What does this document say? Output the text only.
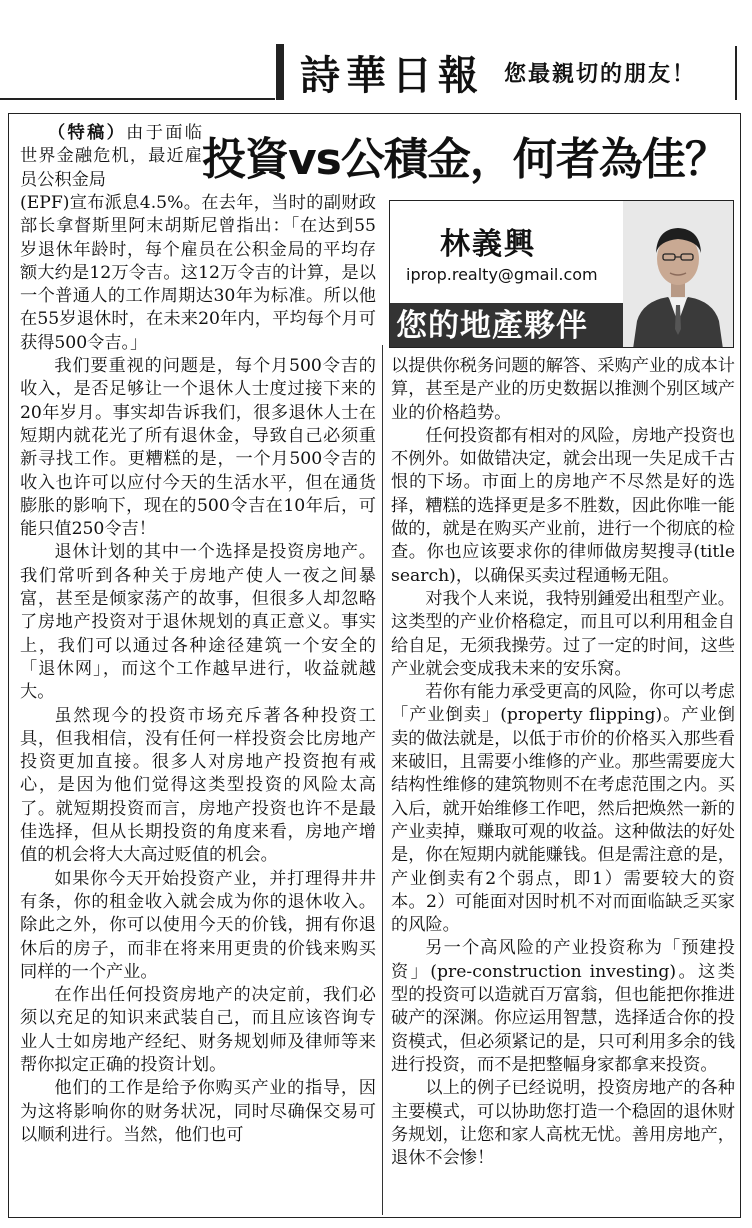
詩華日報 您最親切的朋友！
（特稿）由于面临世界金融危机，最近雇员公积金局	投資vs公積金，何者為佳？
林義興
iprop.realty@gmail.com
您的地產夥伴

(EPF)宣布派息4.5%。在去年，当时的副财政部长拿督斯里阿末胡斯尼曾指出：「在达到55岁退休年龄时，每个雇员在公积金局的平均存额大约是12万令吉。这12万令吉的计算，是以一个普通人的工作周期达30年为标准。所以他在55岁退休时，在未来20年内，平均每个月可获得500令吉。」

我们要重视的问题是，每个月500令吉的收入，是否足够让一个退休人士度过接下来的20年岁月。事实却告诉我们，很多退休人士在短期内就花光了所有退休金，导致自己必须重新寻找工作。更糟糕的是，一个月500令吉的收入也许可以应付今天的生活水平，但在通货膨胀的影响下，现在的500令吉在10年后，可能只值250令吉！

退休计划的其中一个选择是投资房地产。我们常听到各种关于房地产使人一夜之间暴富，甚至是倾家荡产的故事，但很多人却忽略了房地产投资对于退休规划的真正意义。事实上，我们可以通过各种途径建筑一个安全的「退休网」，而这个工作越早进行，收益就越大。

虽然现今的投资市场充斥著各种投资工具，但我相信，没有任何一样投资会比房地产投资更加直接。很多人对房地产投资抱有戒心，是因为他们觉得这类型投资的风险太高了。就短期投资而言，房地产投资也许不是最佳选择，但从长期投资的角度来看，房地产增值的机会将大大高过贬值的机会。

如果你今天开始投资产业，并打理得井井有条，你的租金收入就会成为你的退休收入。除此之外，你可以使用今天的价钱，拥有你退休后的房子，而非在将来用更贵的价钱来购买同样的一个产业。

在作出任何投资房地产的决定前，我们必须以充足的知识来武装自己，而且应该咨询专业人士如房地产经纪、财务规划师及律师等来帮你拟定正确的投资计划。

他们的工作是给予你购买产业的指导，因为这将影响你的财务状况，同时尽确保交易可以顺利进行。当然，他们也可

以提供你税务问题的解答、采购产业的成本计算，甚至是产业的历史数据以推测个别区域产业的价格趋势。

任何投资都有相对的风险，房地产投资也不例外。如做错决定，就会出现一失足成千古恨的下场。市面上的房地产不尽然是好的选择，糟糕的选择更是多不胜数，因此你唯一能做的，就是在购买产业前，进行一个彻底的检查。你也应该要求你的律师做房契搜寻(title search)，以确保买卖过程通畅无阻。

对我个人来说，我特别鍾爱出租型产业。这类型的产业价格稳定，而且可以利用租金自给自足，无须我操劳。过了一定的时间，这些产业就会变成我未来的安乐窝。

若你有能力承受更高的风险，你可以考虑「产业倒卖」(property flipping)。产业倒卖的做法就是，以低于市价的价格买入那些看来破旧，且需要小维修的产业。那些需要庞大结构性维修的建筑物则不在考虑范围之内。买入后，就开始维修工作吧，然后把焕然一新的产业卖掉，赚取可观的收益。这种做法的好处是，你在短期内就能赚钱。但是需注意的是，产业倒卖有2个弱点，即1）需要较大的资本。2）可能面对因时机不对而面临缺乏买家的风险。

另一个高风险的产业投资称为「预建投资」(pre-construction investing)。这类型的投资可以造就百万富翁，但也能把你推进破产的深渊。你应运用智慧，选择适合你的投资模式，但必须紧记的是，只可利用多余的钱进行投资，而不是把整幅身家都拿来投资。

以上的例子已经说明，投资房地产的各种主要模式，可以协助您打造一个稳固的退休财务规划，让您和家人高枕无忧。善用房地产，退休不会惨！
